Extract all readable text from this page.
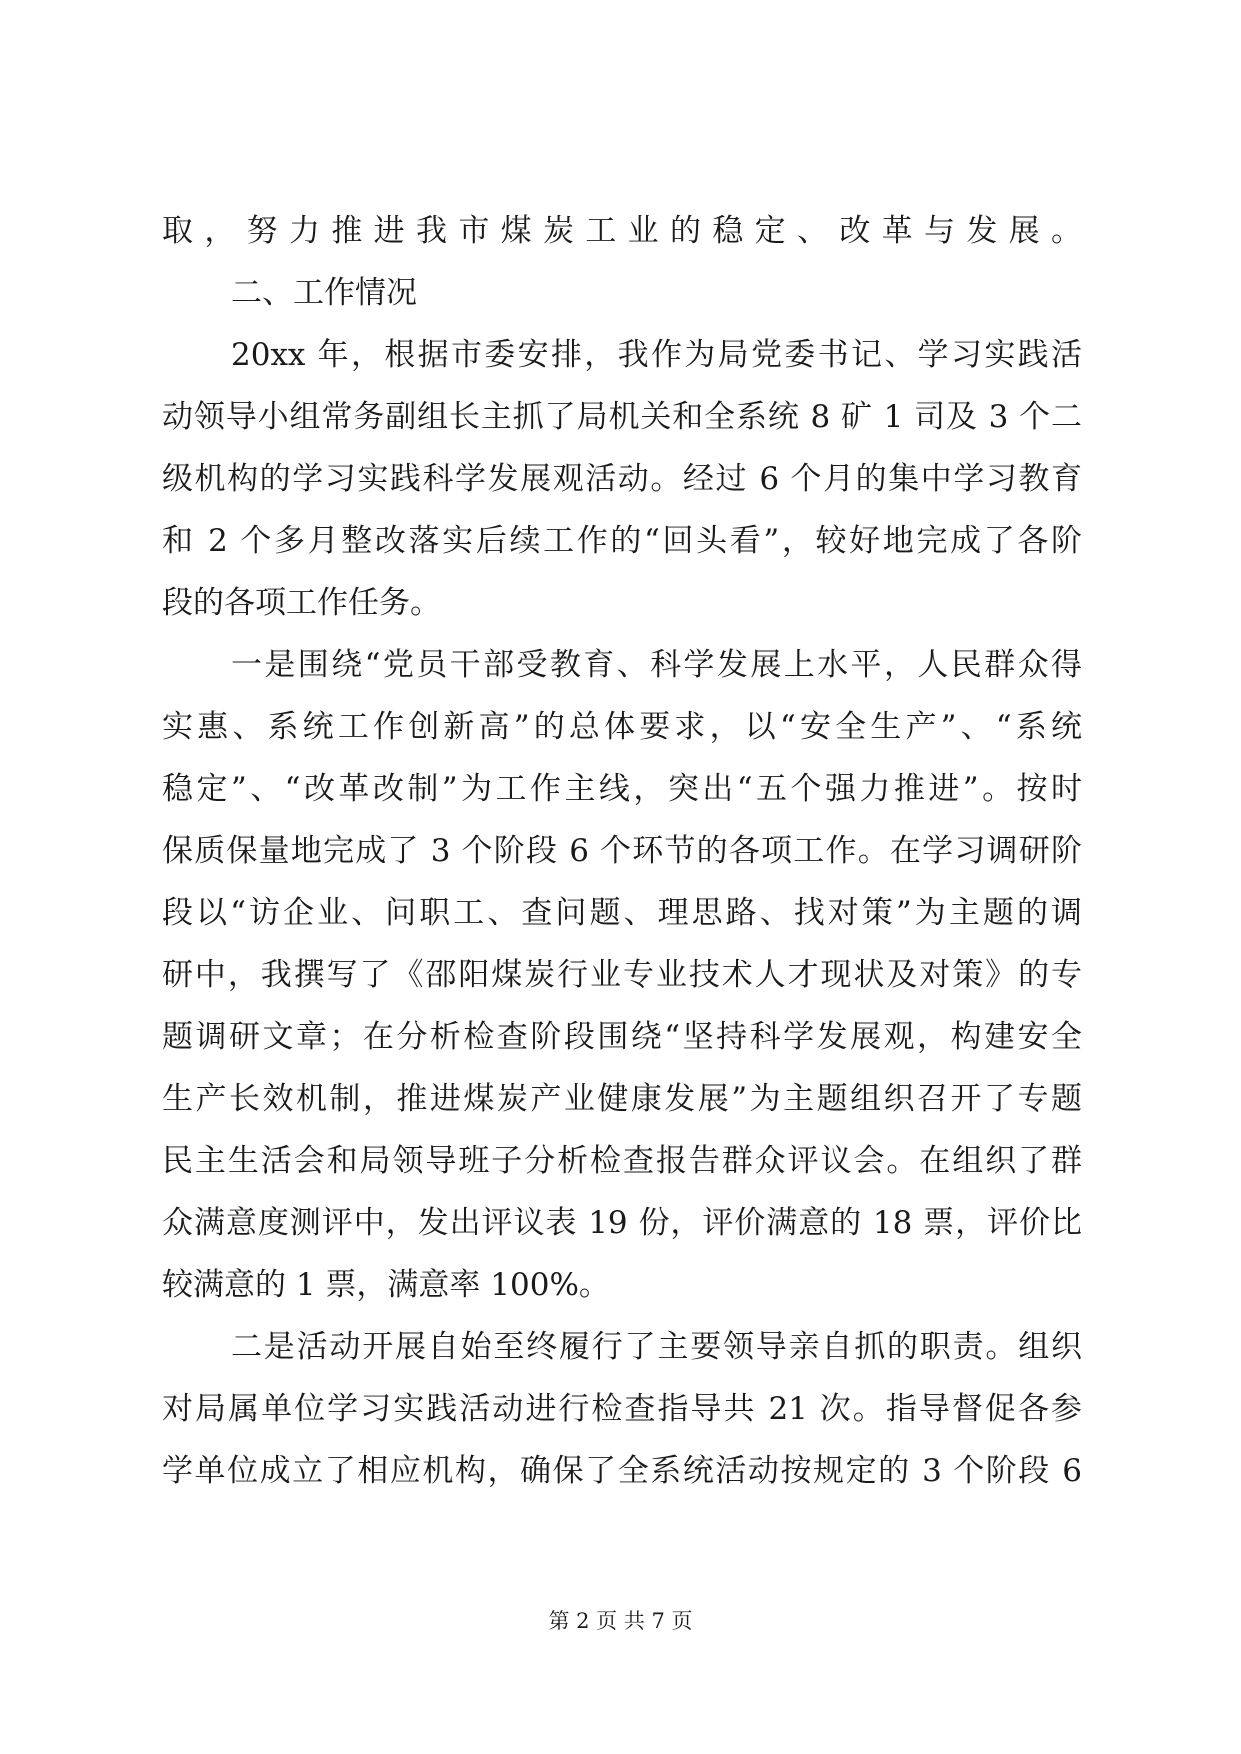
取，努力推进我市煤炭工业的稳定、改革与发展。
二、工作情况
20xx 年，根据市委安排，我作为局党委书记、学习实践活
动领导小组常务副组长主抓了局机关和全系统 8 矿 1 司及 3 个二
级机构的学习实践科学发展观活动。经过 6 个月的集中学习教育
和 2 个多月整改落实后续工作的“回头看”，较好地完成了各阶
段的各项工作任务。
一是围绕“党员干部受教育、科学发展上水平，人民群众得
实惠、系统工作创新高”的总体要求，以“安全生产”、“系统
稳定”、“改革改制”为工作主线，突出“五个强力推进”。按时
保质保量地完成了 3 个阶段 6 个环节的各项工作。在学习调研阶
段以“访企业、问职工、查问题、理思路、找对策”为主题的调
研中，我撰写了《邵阳煤炭行业专业技术人才现状及对策》的专
题调研文章；在分析检查阶段围绕“坚持科学发展观，构建安全
生产长效机制，推进煤炭产业健康发展”为主题组织召开了专题
民主生活会和局领导班子分析检查报告群众评议会。在组织了群
众满意度测评中，发出评议表 19 份，评价满意的 18 票，评价比
较满意的 1 票，满意率 100%。
二是活动开展自始至终履行了主要领导亲自抓的职责。组织
对局属单位学习实践活动进行检查指导共 21 次。指导督促各参
学单位成立了相应机构，确保了全系统活动按规定的 3 个阶段 6
第 2 页 共 7 页
